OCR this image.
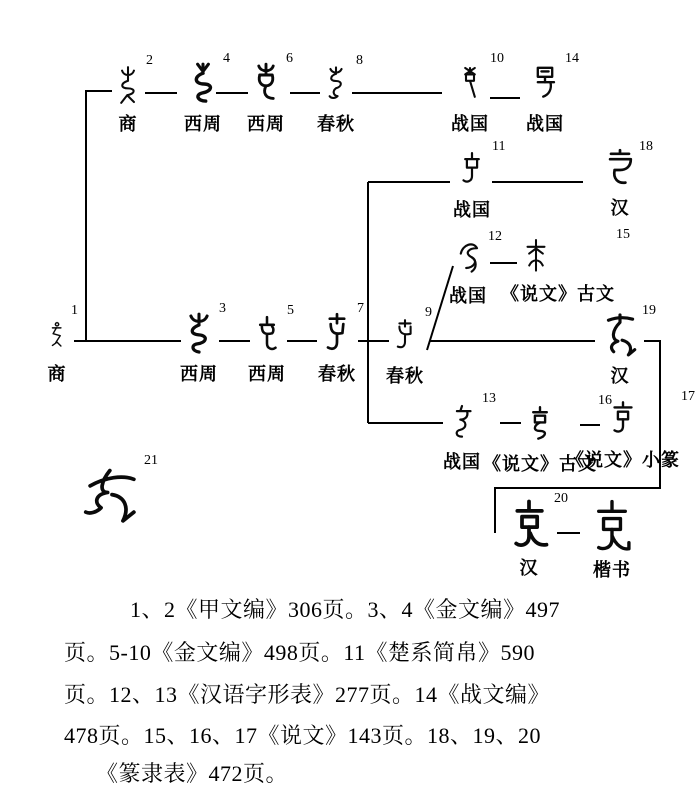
2
商
4
西周
6
西周
8
春秋
10
战国
14
战国
11
战国
18
汉
12
战国
15
《说文》古文
1
商
3
西周
5
西周
7
春秋
9
春秋
19
汉
13
战国
16
《说文》古文
17
《说文》小篆
21
20
汉	楷书
1、2《甲文编》306页。3、4《金文编》497
页。5-10《金文编》498页。11《楚系简帛》590
页。12、13《汉语字形表》277页。14《战文编》
478页。15、16、17《说文》143页。18、19、20
《篆隶表》472页。
